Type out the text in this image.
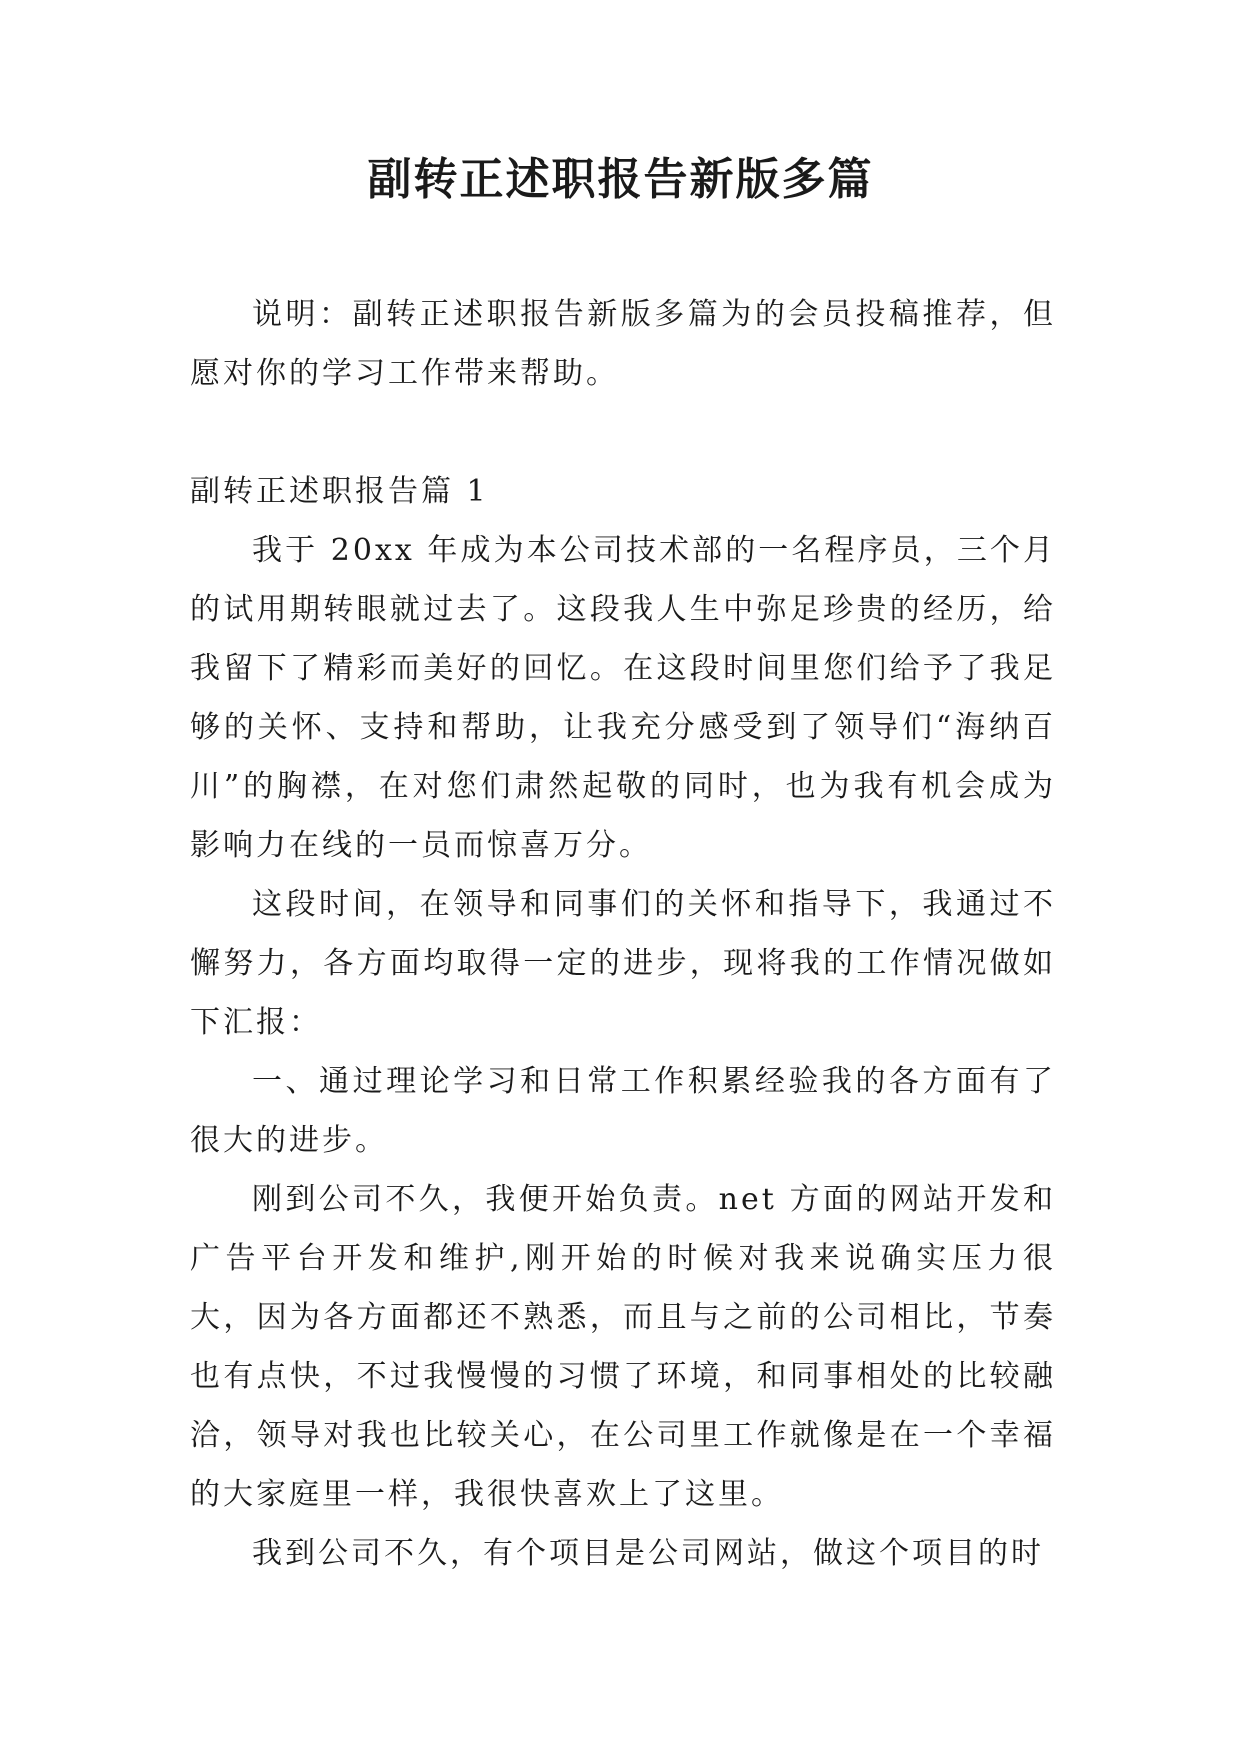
副转正述职报告新版多篇

说明：副转正述职报告新版多篇为的会员投稿推荐，但愿对你的学习工作带来帮助。

副转正述职报告篇 1

我于 20xx 年成为本公司技术部的一名程序员，三个月的试用期转眼就过去了。这段我人生中弥足珍贵的经历，给我留下了精彩而美好的回忆。在这段时间里您们给予了我足够的关怀、支持和帮助，让我充分感受到了领导们“海纳百川”的胸襟，在对您们肃然起敬的同时，也为我有机会成为影响力在线的一员而惊喜万分。

这段时间，在领导和同事们的关怀和指导下，我通过不懈努力，各方面均取得一定的进步，现将我的工作情况做如下汇报：

一、通过理论学习和日常工作积累经验我的各方面有了很大的进步。

刚到公司不久，我便开始负责。net 方面的网站开发和广告平台开发和维护,刚开始的时候对我来说确实压力很大，因为各方面都还不熟悉，而且与之前的公司相比，节奏也有点快，不过我慢慢的习惯了环境，和同事相处的比较融洽，领导对我也比较关心，在公司里工作就像是在一个幸福的大家庭里一样，我很快喜欢上了这里。

我到公司不久，有个项目是公司网站，做这个项目的时
